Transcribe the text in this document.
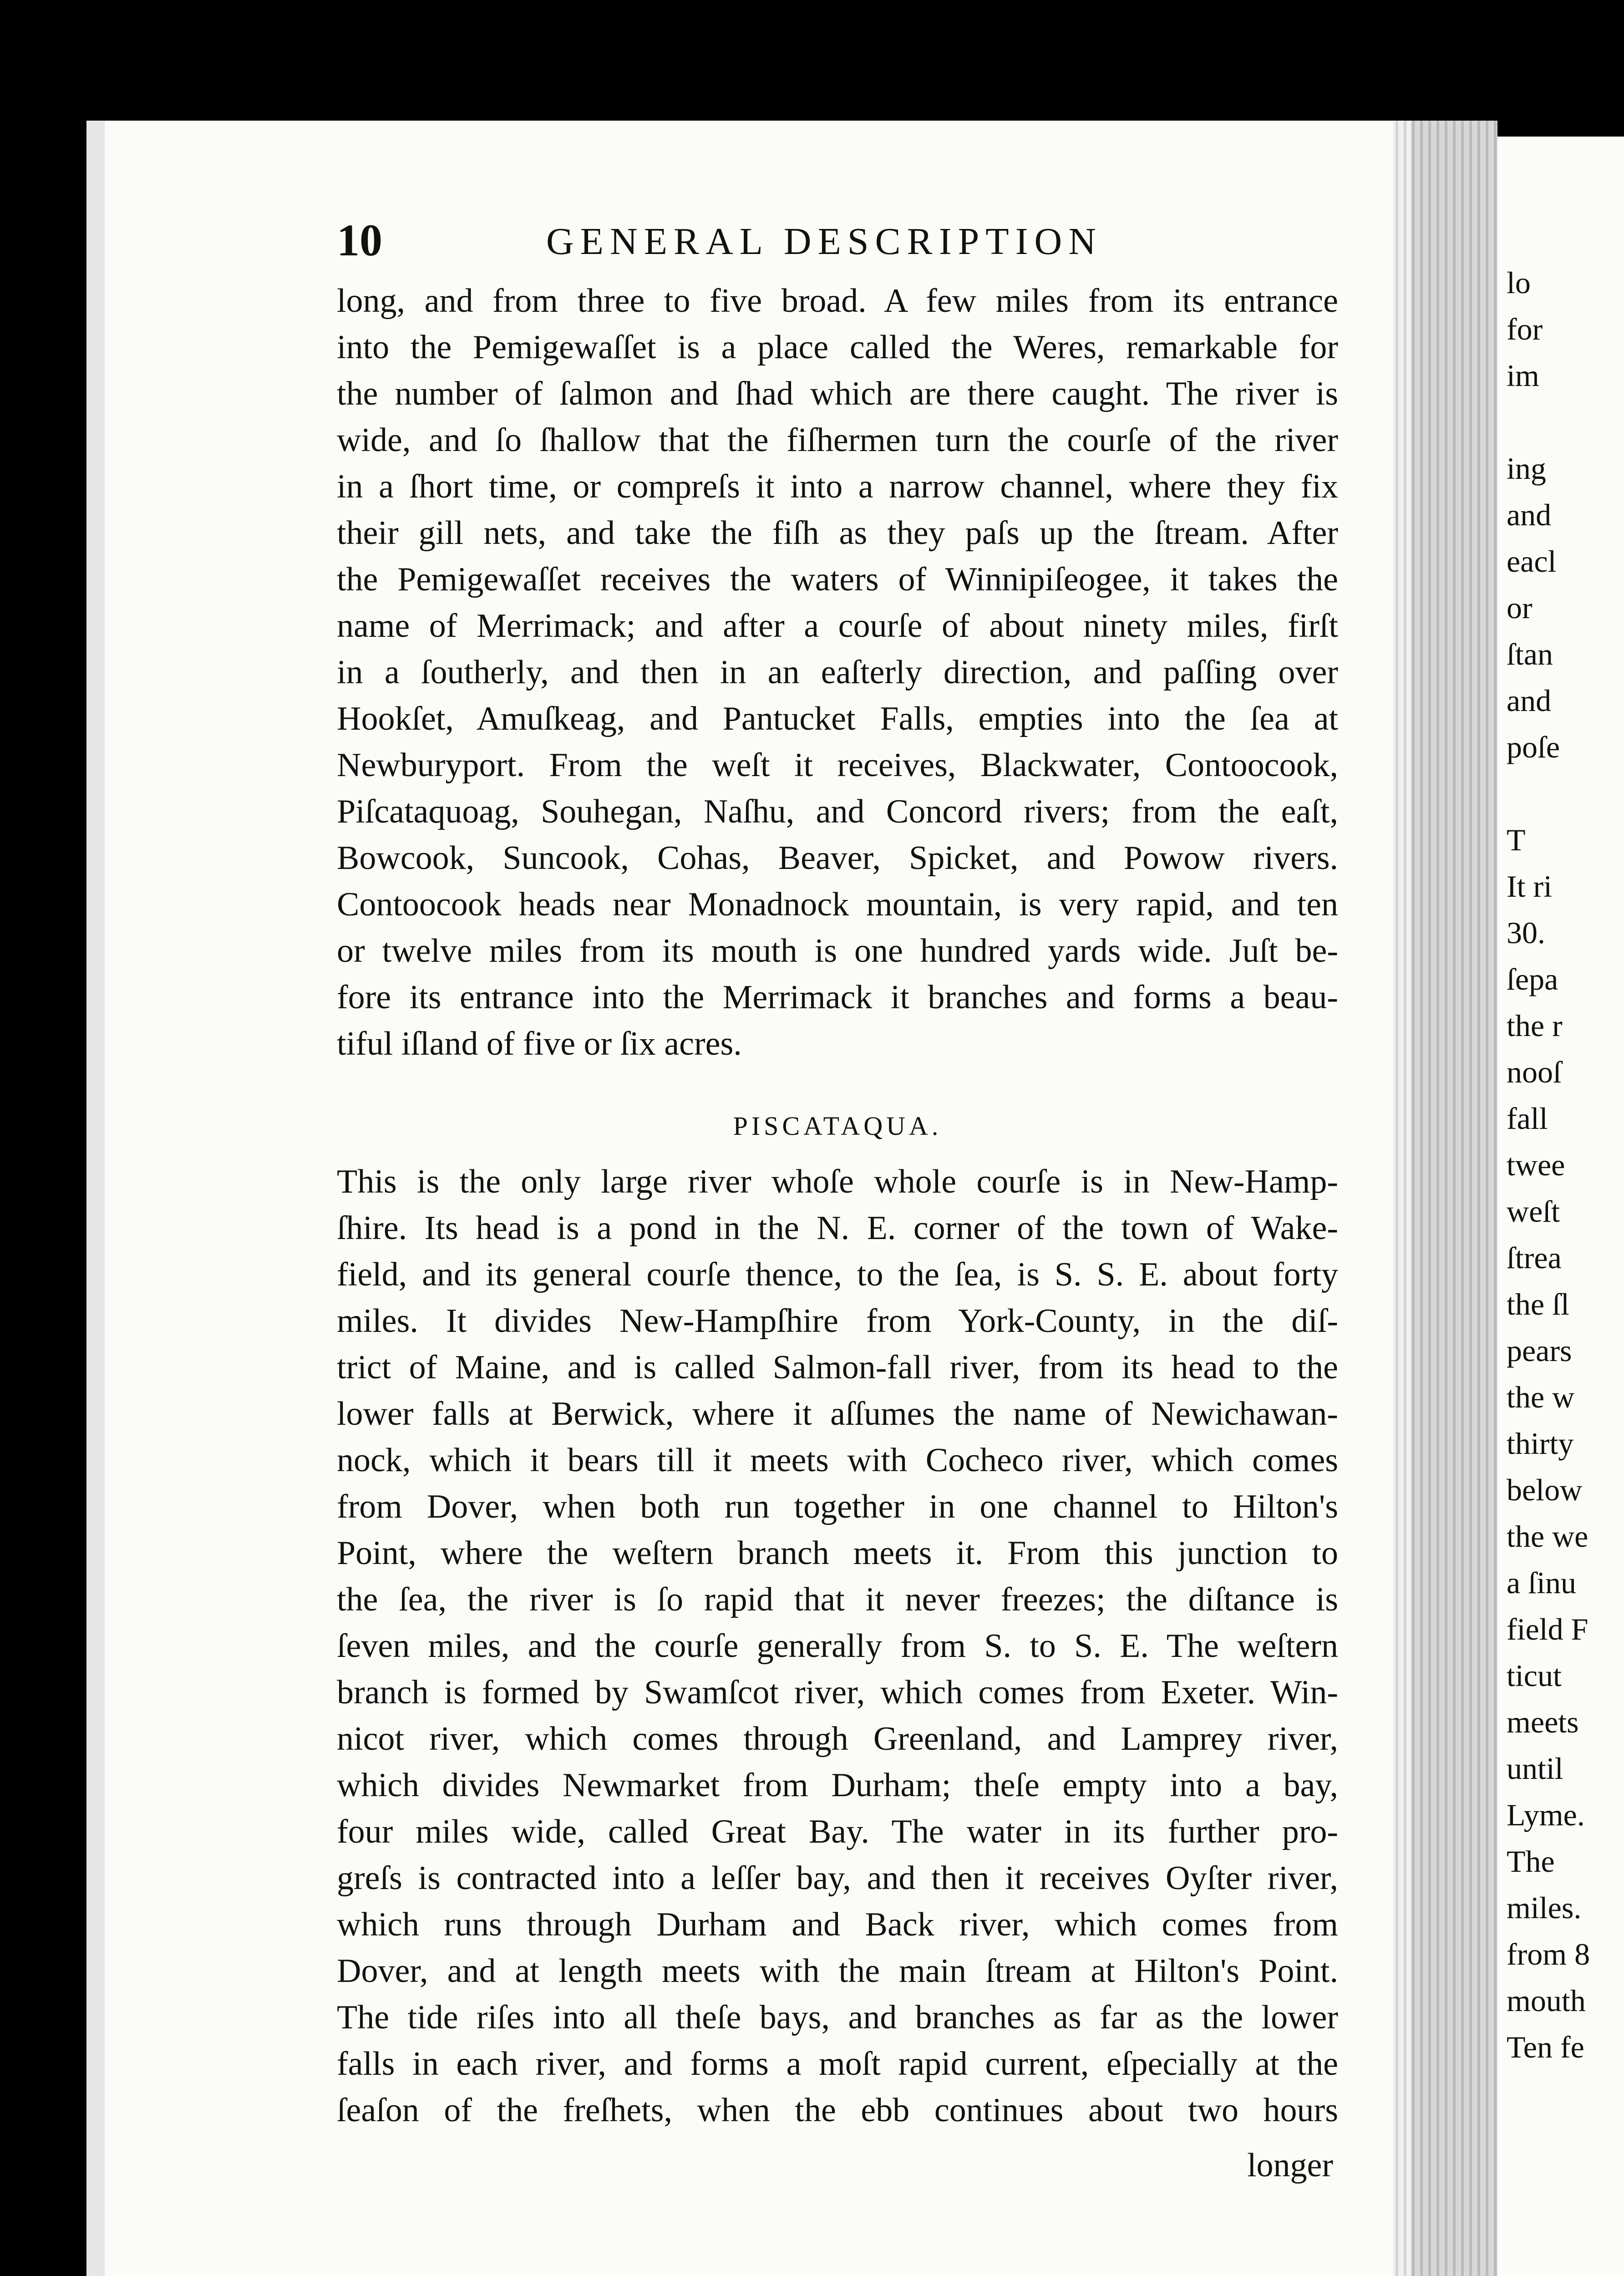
lo
for
im

ing
and
eacl
or
ſtan
and
poſe

T
It ri
30.
ſepa
the r
nooſ
fall
twee
weſt
ſtrea
the ſl
pears
the w
thirty
below
the we
a ſinu
field F
ticut
meets
until
Lyme.
The
miles.
from 8
mouth
Ten fe
10	GENERAL DESCRIPTION

long, and from three to five broad. A few miles from its entrance
into the Pemigewaſſet is a place called the Weres, remarkable for
the number of ſalmon and ſhad which are there caught. The river is
wide, and ſo ſhallow that the fiſhermen turn the courſe of the river
in a ſhort time, or compreſs it into a narrow channel, where they fix
their gill nets, and take the fiſh as they paſs up the ſtream. After
the Pemigewaſſet receives the waters of Winnipiſeogee, it takes the
name of Merrimack; and after a courſe of about ninety miles, firſt
in a ſoutherly, and then in an eaſterly direction, and paſſing over
Hookſet, Amuſkeag, and Pantucket Falls, empties into the ſea at
Newburyport. From the weſt it receives, Blackwater, Contoocook,
Piſcataquoag, Souhegan, Naſhu, and Concord rivers; from the eaſt,
Bowcook, Suncook, Cohas, Beaver, Spicket, and Powow rivers.
Contoocook heads near Monadnock mountain, is very rapid, and ten
or twelve miles from its mouth is one hundred yards wide. Juſt be-
fore its entrance into the Merrimack it branches and forms a beau-
tiful iſland of five or ſix acres.

PISCATAQUA.

This is the only large river whoſe whole courſe is in New-Hamp-
ſhire. Its head is a pond in the N. E. corner of the town of Wake-
field, and its general courſe thence, to the ſea, is S. S. E. about forty
miles. It divides New-Hampſhire from York-County, in the diſ-
trict of Maine, and is called Salmon-fall river, from its head to the
lower falls at Berwick, where it aſſumes the name of Newichawan-
nock, which it bears till it meets with Cocheco river, which comes
from Dover, when both run together in one channel to Hilton's
Point, where the weſtern branch meets it. From this junction to
the ſea, the river is ſo rapid that it never freezes; the diſtance is
ſeven miles, and the courſe generally from S. to S. E. The weſtern
branch is formed by Swamſcot river, which comes from Exeter. Win-
nicot river, which comes through Greenland, and Lamprey river,
which divides Newmarket from Durham; theſe empty into a bay,
four miles wide, called Great Bay. The water in its further pro-
greſs is contracted into a leſſer bay, and then it receives Oyſter river,
which runs through Durham and Back river, which comes from
Dover, and at length meets with the main ſtream at Hilton's Point.
The tide riſes into all theſe bays, and branches as far as the lower
falls in each river, and forms a moſt rapid current, eſpecially at the
ſeaſon of the freſhets, when the ebb continues about two hours

longer
